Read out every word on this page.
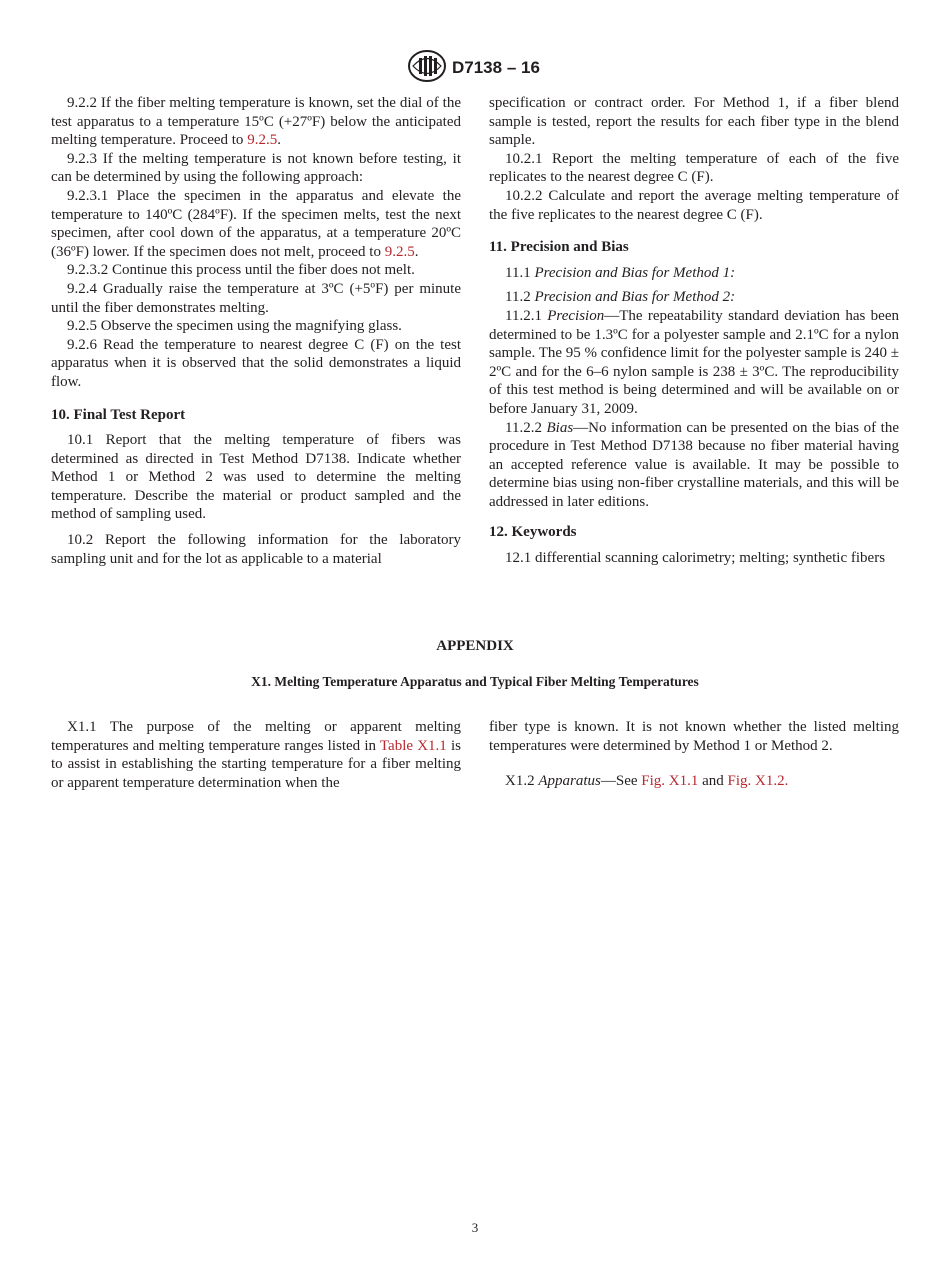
D7138 – 16

9.2.2 If the fiber melting temperature is known, set the dial of the test apparatus to a temperature 15ºC (+27ºF) below the anticipated melting temperature. Proceed to 9.2.5.

9.2.3 If the melting temperature is not known before testing, it can be determined by using the following approach:

9.2.3.1 Place the specimen in the apparatus and elevate the temperature to 140ºC (284ºF). If the specimen melts, test the next specimen, after cool down of the apparatus, at a temperature 20ºC (36ºF) lower. If the specimen does not melt, proceed to 9.2.5.

9.2.3.2 Continue this process until the fiber does not melt.

9.2.4 Gradually raise the temperature at 3ºC (+5ºF) per minute until the fiber demonstrates melting.

9.2.5 Observe the specimen using the magnifying glass.

9.2.6 Read the temperature to nearest degree C (F) on the test apparatus when it is observed that the solid demonstrates a liquid flow.

10. Final Test Report

10.1 Report that the melting temperature of fibers was determined as directed in Test Method D7138. Indicate whether Method 1 or Method 2 was used to determine the melting temperature. Describe the material or product sampled and the method of sampling used.

10.2 Report the following information for the laboratory sampling unit and for the lot as applicable to a material

specification or contract order. For Method 1, if a fiber blend sample is tested, report the results for each fiber type in the blend sample.

10.2.1 Report the melting temperature of each of the five replicates to the nearest degree C (F).

10.2.2 Calculate and report the average melting temperature of the five replicates to the nearest degree C (F).

11. Precision and Bias

11.1 Precision and Bias for Method 1:

11.2 Precision and Bias for Method 2:

11.2.1 Precision—The repeatability standard deviation has been determined to be 1.3ºC for a polyester sample and 2.1ºC for a nylon sample. The 95 % confidence limit for the polyester sample is 240 ± 2ºC and for the 6–6 nylon sample is 238 ± 3ºC. The reproducibility of this test method is being determined and will be available on or before January 31, 2009.

11.2.2 Bias—No information can be presented on the bias of the procedure in Test Method D7138 because no fiber material having an accepted reference value is available. It may be possible to determine bias using non-fiber crystalline materials, and this will be addressed in later editions.

12. Keywords

12.1 differential scanning calorimetry; melting; synthetic fibers

APPENDIX
X1. Melting Temperature Apparatus and Typical Fiber Melting Temperatures

X1.1 The purpose of the melting or apparent melting temperatures and melting temperature ranges listed in Table X1.1 is to assist in establishing the starting temperature for a fiber melting or apparent temperature determination when the

fiber type is known. It is not known whether the listed melting temperatures were determined by Method 1 or Method 2.

X1.2 Apparatus—See Fig. X1.1 and Fig. X1.2.

3
